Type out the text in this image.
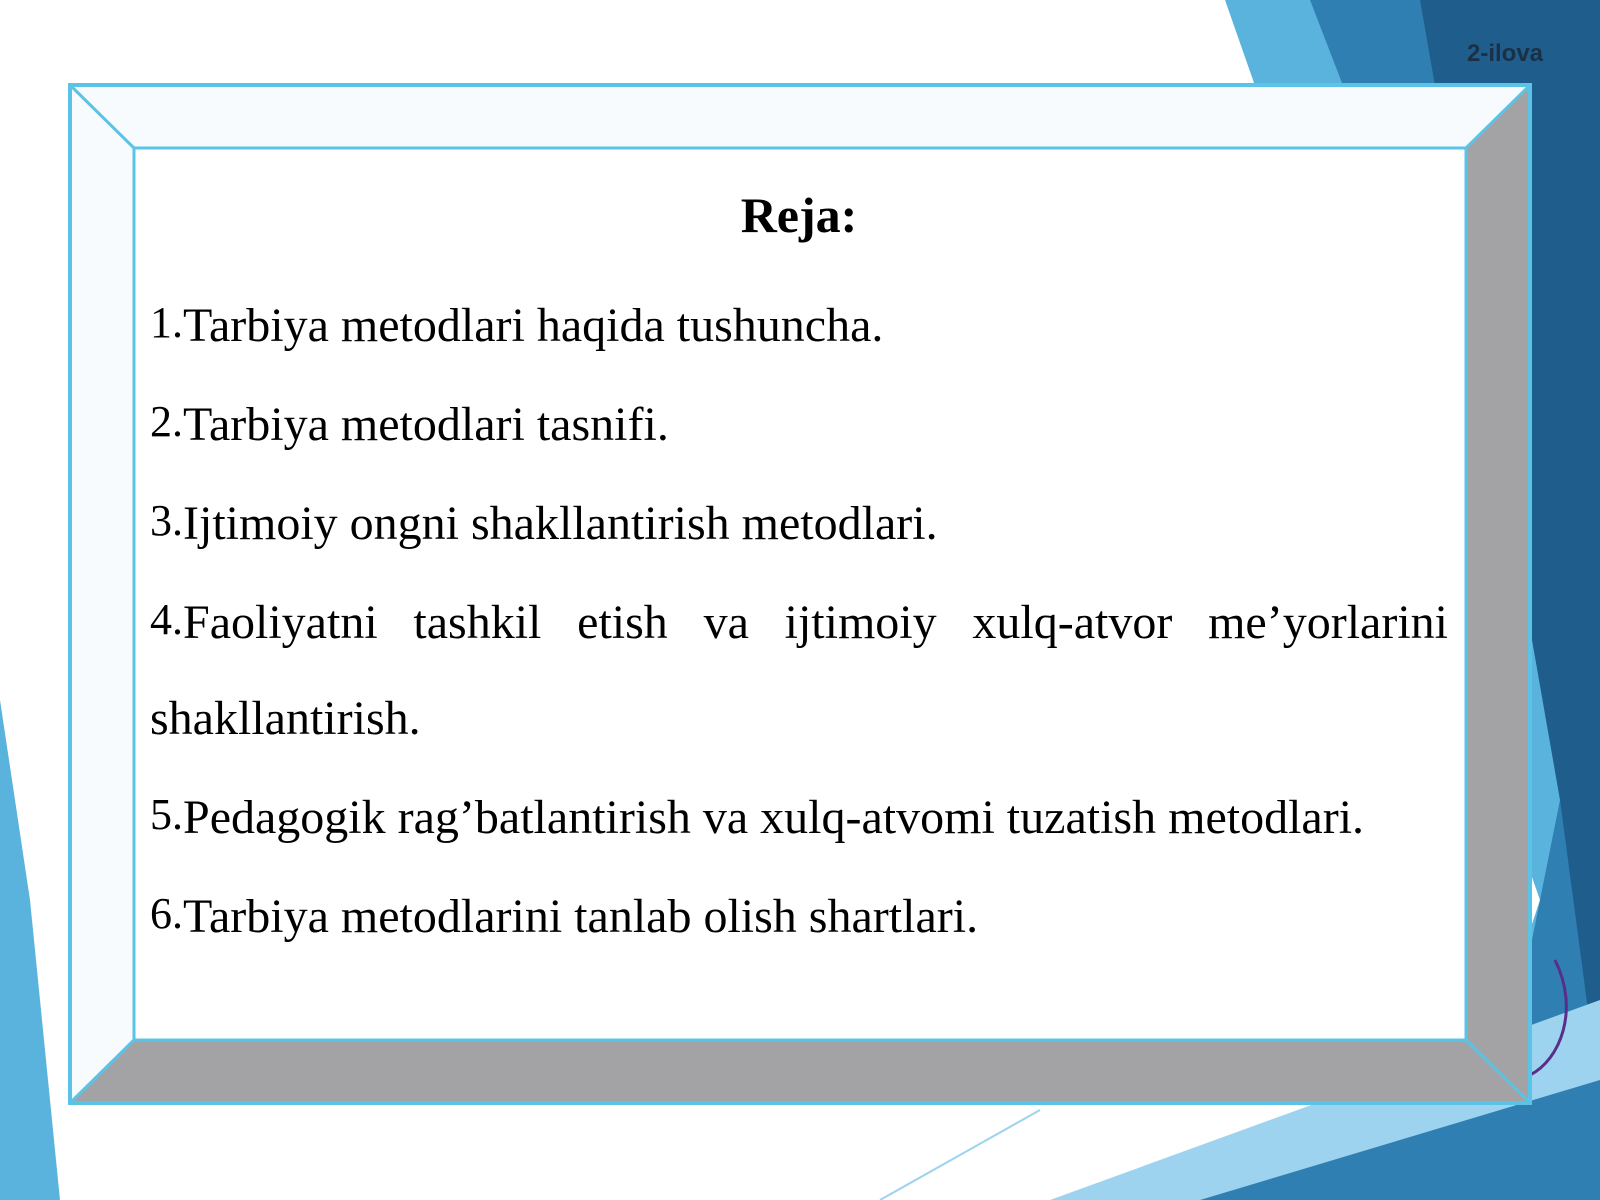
2-ilova
Reja:

1.Tarbiya metodlari haqida tushuncha.

2.Tarbiya metodlari tasnifi.

3.Ijtimoiy ongni shakllantirish metodlari.

4.Faoliyatni tashkil etish va ijtimoiy xulq-atvor me’yorlarini shakllantirish.

5.Pedagogik rag’batlantirish va xulq-atvomi tuzatish metodlari.

6.Tarbiya metodlarini tanlab olish shartlari.
